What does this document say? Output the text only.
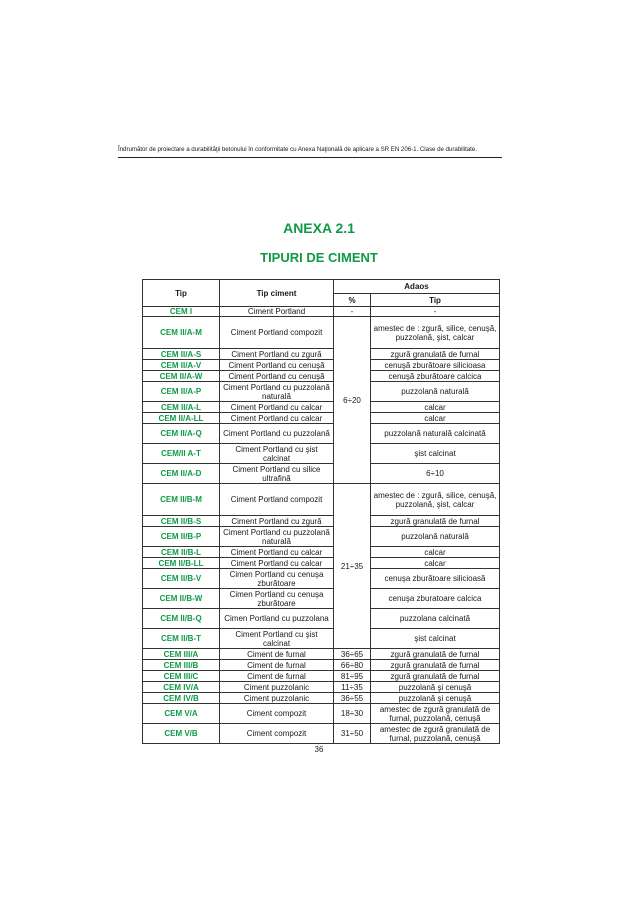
Îndrumător de proiectare a durabilităţii betonului în conformitate cu Anexa Naţională de aplicare a SR EN 206-1. Clase de durabilitate.
ANEXA 2.1
TIPURI DE CIMENT
Tip	Tip ciment	Adaos		
		%	Tip	
CEM I	Ciment Portland	-	-	
CEM II/A-M	Ciment Portland compozit	6÷20	amestec de : zgură, silice, cenuşă, puzzolană, şist, calcar	
CEM II/A-S	Ciment Portland cu zgură		zgură granulată de furnal	
CEM II/A-V	Ciment Portland cu cenuşă		cenuşă zburătoare silicioasa	
CEM II/A-W	Ciment Portland cu cenuşă		cenuşă zburătoare calcica	
CEM II/A-P	Ciment Portland cu puzzolană naturală		puzzolană naturală	
CEM II/A-L	Ciment Portland cu calcar		calcar	
CEM II/A-LL	Ciment Portland cu calcar		calcar	
CEM II/A-Q	Ciment Portland cu puzzolană		puzzolană naturală calcinată	
CEM/II A-T	Ciment Portland cu şist calcinat		şist calcinat	
CEM II/A-D	Ciment Portland cu silice ultrafină		6÷10	
CEM II/B-M	Ciment Portland compozit	21÷35	amestec de : zgură, silice, cenuşă, puzzolană, şist, calcar	
CEM II/B-S	Ciment Portland cu zgură		zgură granulată de furnal	
CEM II/B-P	Ciment Portland cu puzzolană naturală		puzzolană naturală	
CEM II/B-L	Ciment Portland cu calcar		calcar	
CEM II/B-LL	Ciment Portland cu calcar		calcar	
CEM II/B-V	Cimen Portland cu cenuşa zburătoare		cenuşa zburătoare silicioasă	
CEM II/B-W	Cimen Portland cu cenuşa zburătoare		cenuşa zburatoare calcica	
CEM II/B-Q	Cimen Portland cu puzzolana		puzzolana calcinată	
CEM II/B-T	Ciment Portland cu şist calcinat		şist calcinat	
CEM III/A	Ciment de furnal	36÷65	zgură granulată de furnal	
CEM III/B	Ciment de furnal	66÷80	zgură granulată de furnal	
CEM III/C	Ciment de furnal	81÷95	zgură granulată de furnal	
CEM IV/A	Ciment puzzolanic	11÷35	puzzolană şi cenuşă	
CEM IV/B	Ciment puzzolanic	36÷55	puzzolană şi cenuşă	
CEM V/A	Ciment compozit	18÷30	amestec de zgură granulată de furnal, puzzolană, cenuşă	
CEM V/B	Ciment compozit	31÷50	amestec de zgură granulată de furnal, puzzolană, cenuşă	
36
